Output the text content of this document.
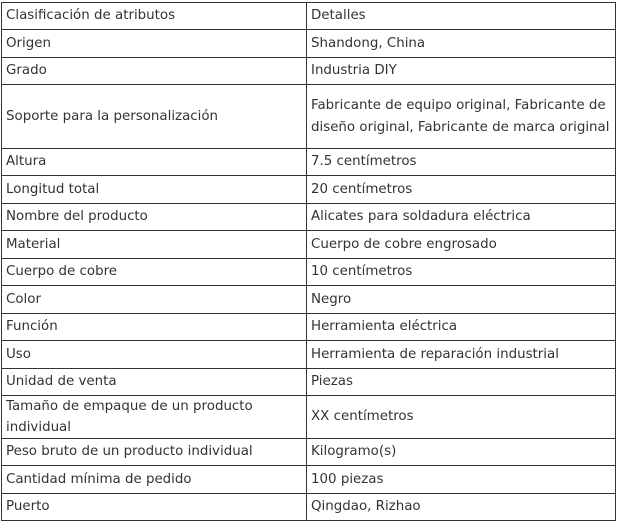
Clasificación de atributos	Detalles
Origen	Shandong, China
Grado	Industria DIY
Soporte para la personalización	Fabricante de equipo original, Fabricante de diseño original, Fabricante de marca original
Altura	7.5 centímetros
Longitud total	20 centímetros
Nombre del producto	Alicates para soldadura eléctrica
Material	Cuerpo de cobre engrosado
Cuerpo de cobre	10 centímetros
Color	Negro
Función	Herramienta eléctrica
Uso	Herramienta de reparación industrial
Unidad de venta	Piezas
Tamaño de empaque de un producto individual	XX centímetros
Peso bruto de un producto individual	Kilogramo(s)
Cantidad mínima de pedido	100 piezas
Puerto	Qingdao, Rizhao
